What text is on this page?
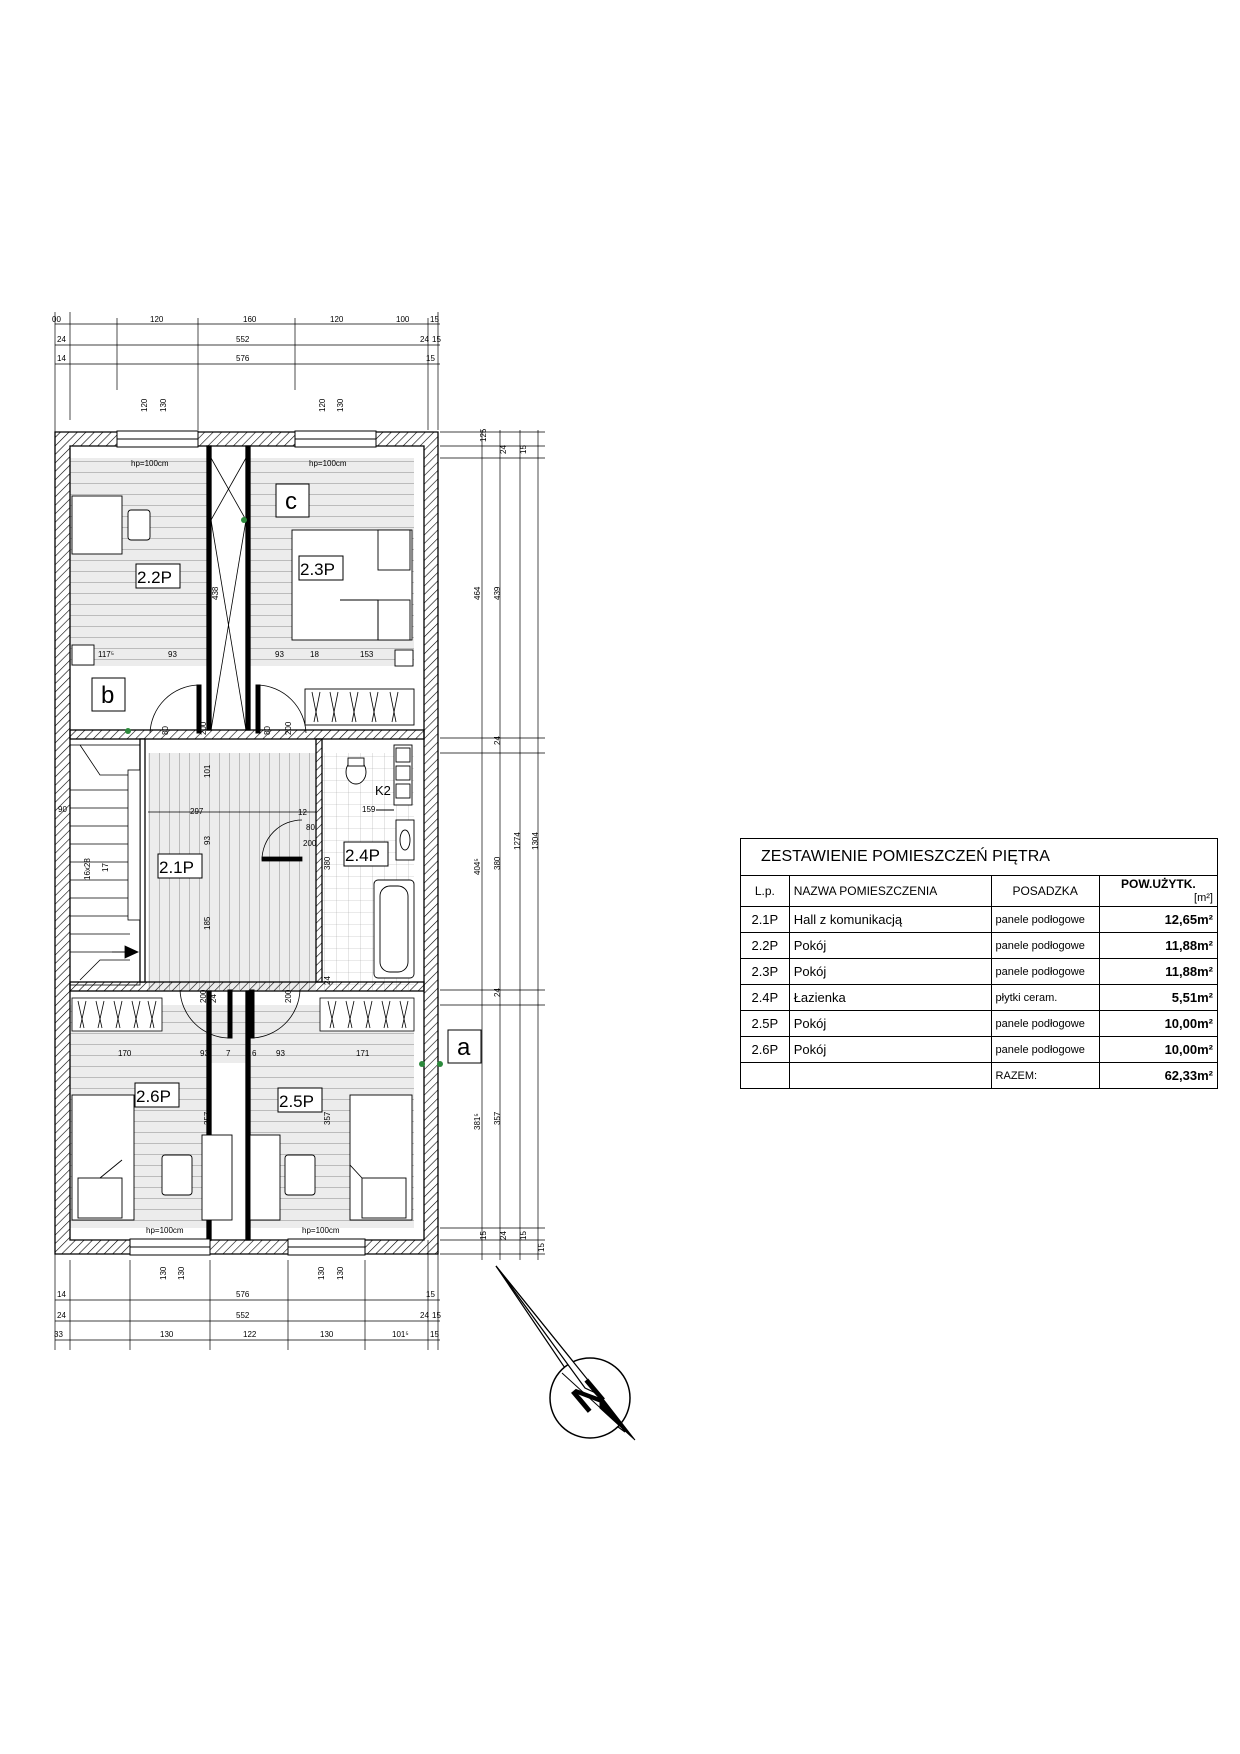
00	120	160	120	100	15
24	552	24 15
14	576	15
120 130	120 130
125
24 15
464 439
24
404⁵ 380
1274 1304
24
381⁵ 357
15 24 15
15
130 130	130 130
14	576	15
24	552	24 15
33	130	122	130	101⁵	15
hp=100cm	hp=100cm
hp=100cm	hp=100cm
438
117⁵	93	93	18	153
80	200	80 200
90
16x28 17
101
297
93
185
12
80
200
380
K2
159
200 24	200
24
170	93 7	6 93	171
357	357
2.2P	2.3P
2.1P
2.4P
2.5P
2.6P
b
c
a
N
ZESTAWIENIE POMIESZCZEŃ PIĘTRA			
L.p.	NAZWA POMIESZCZENIA	POSADZKA	POW.UŻYTK.
[m²]

2.1P	Hall z komunikacją	panele podłogowe	12,65m²
2.2P	Pokój	panele podłogowe	11,88m²
2.3P	Pokój	panele podłogowe	11,88m²
2.4P	Łazienka	płytki ceram.	5,51m²
2.5P	Pokój	panele podłogowe	10,00m²
2.6P	Pokój	panele podłogowe	10,00m²
		RAZEM:	62,33m²
